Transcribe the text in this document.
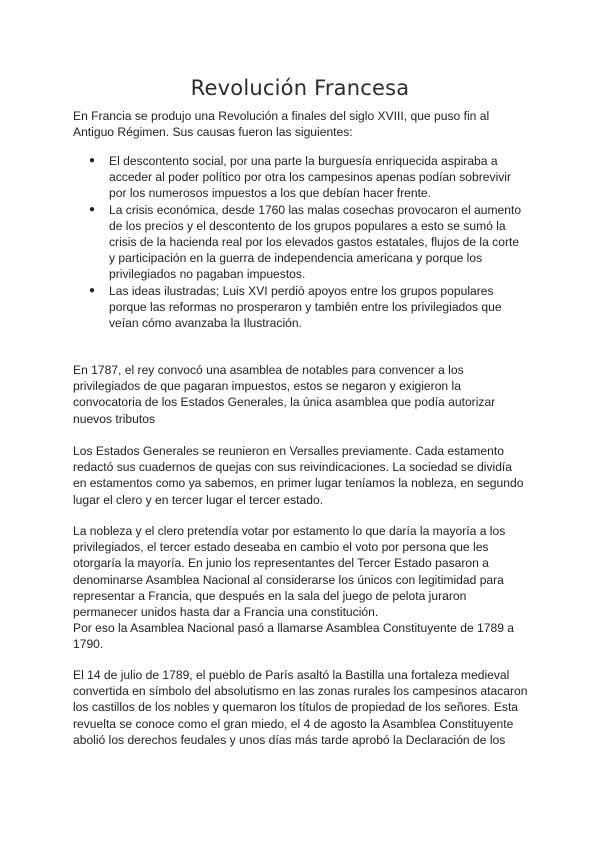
Revolución Francesa

En Francia se produjo una Revolución a finales del siglo XVIII, que puso fin al
Antiguo Régimen. Sus causas fueron las siguientes:

● El descontento social, por una parte la burguesía enriquecida aspiraba a
acceder al poder político por otra los campesinos apenas podían sobrevivir
por los numerosos impuestos a los que debían hacer frente.
● La crisis económica, desde 1760 las malas cosechas provocaron el aumento
de los precios y el descontento de los grupos populares a esto se sumó la
crisis de la hacienda real por los elevados gastos estatales, flujos de la corte
y participación en la guerra de independencia americana y porque los
privilegiados no pagaban impuestos.
● Las ideas ilustradas; Luis XVI perdió apoyos entre los grupos populares
porque las reformas no prosperaron y también entre los privilegiados que
veían cómo avanzaba la Ilustración.

En 1787, el rey convocó una asamblea de notables para convencer a los
privilegiados de que pagaran impuestos, estos se negaron y exigieron la
convocatoria de los Estados Generales, la única asamblea que podía autorizar
nuevos tributos

Los Estados Generales se reunieron en Versalles previamente. Cada estamento
redactó sus cuadernos de quejas con sus reivindicaciones. La sociedad se dividía
en estamentos como ya sabemos, en primer lugar teníamos la nobleza, en segundo
lugar el clero y en tercer lugar el tercer estado.

La nobleza y el clero pretendía votar por estamento lo que daría la mayoría a los
privilegiados, el tercer estado deseaba en cambio el voto por persona que les
otorgaría la mayoría. En junio los representantes del Tercer Estado pasaron a
denominarse Asamblea Nacional al considerarse los únicos con legitimidad para
representar a Francia, que después en la sala del juego de pelota juraron
permanecer unidos hasta dar a Francia una constitución.
Por eso la Asamblea Nacional pasó a llamarse Asamblea Constituyente de 1789 a
1790.

El 14 de julio de 1789, el pueblo de París asaltó la Bastilla una fortaleza medieval
convertida en símbolo del absolutismo en las zonas rurales los campesinos atacaron
los castillos de los nobles y quemaron los títulos de propiedad de los señores. Esta
revuelta se conoce como el gran miedo, el 4 de agosto la Asamblea Constituyente
abolió los derechos feudales y unos días más tarde aprobó la Declaración de los
